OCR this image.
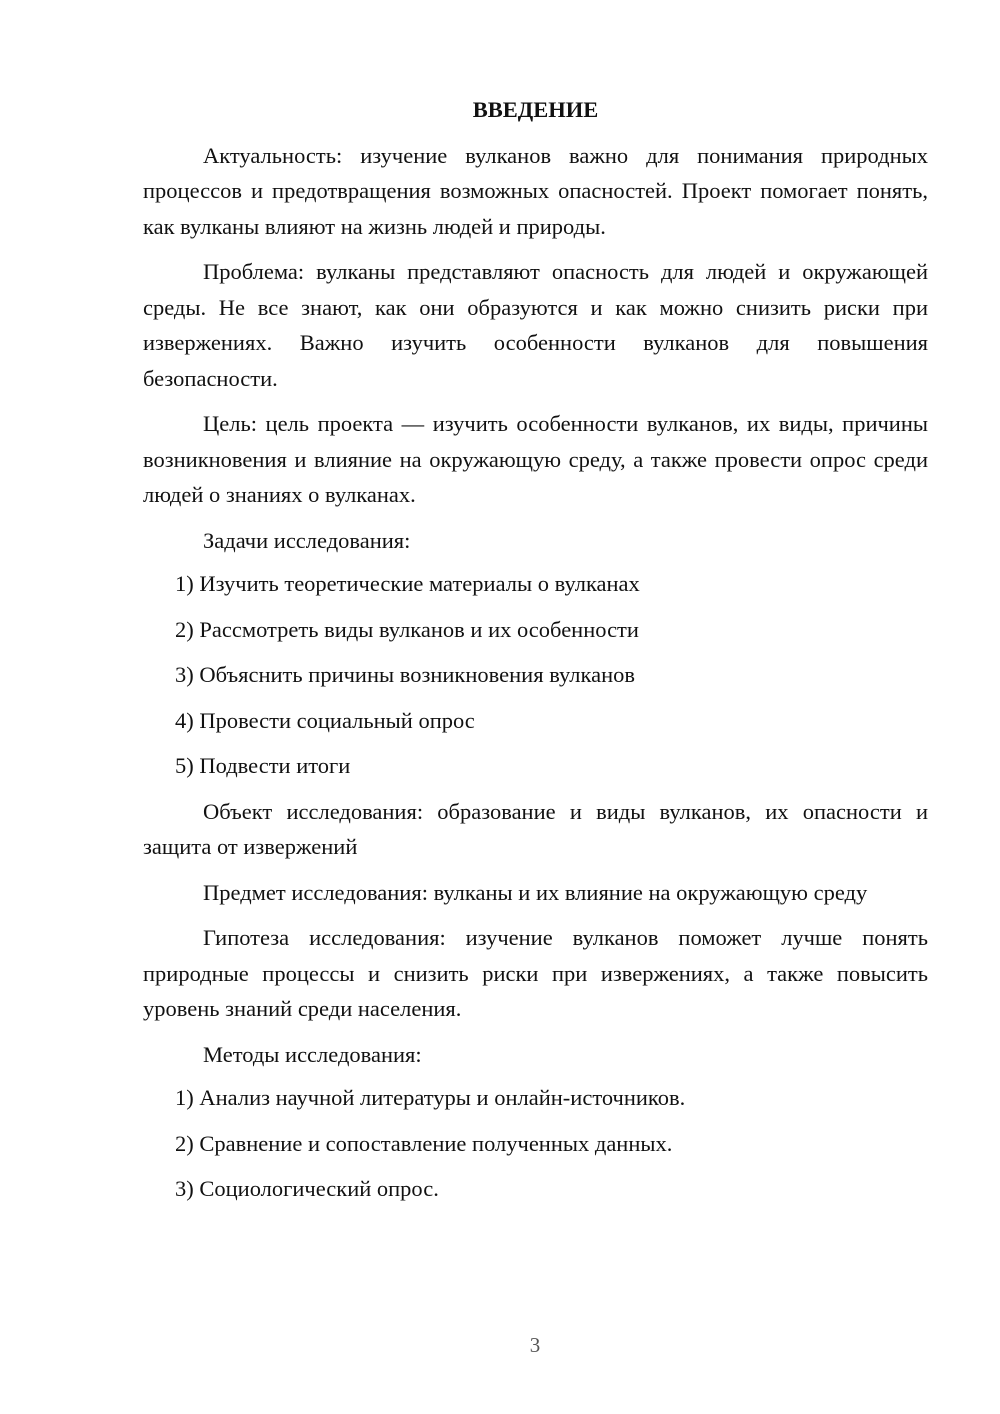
ВВЕДЕНИЕ

Актуальность: изучение вулканов важно для понимания природных процессов и предотвращения возможных опасностей. Проект помогает понять, как вулканы влияют на жизнь людей и природы.

Проблема: вулканы представляют опасность для людей и окружающей среды. Не все знают, как они образуются и как можно снизить риски при извержениях. Важно изучить особенности вулканов для повышения безопасности.

Цель: цель проекта — изучить особенности вулканов, их виды, причины возникновения и влияние на окружающую среду, а также провести опрос среди людей о знаниях о вулканах.

Задачи исследования:

1) Изучить теоретические материалы о вулканах
2) Рассмотреть виды вулканов и их особенности
3) Объяснить причины возникновения вулканов
4) Провести социальный опрос
5) Подвести итоги

Объект исследования: образование и виды вулканов, их опасности и защита от извержений

Предмет исследования: вулканы и их влияние на окружающую среду

Гипотеза исследования: изучение вулканов поможет лучше понять природные процессы и снизить риски при извержениях, а также повысить уровень знаний среди населения.

Методы исследования:

1) Анализ научной литературы и онлайн-источников.
2) Сравнение и сопоставление полученных данных.
3) Социологический опрос.
3
